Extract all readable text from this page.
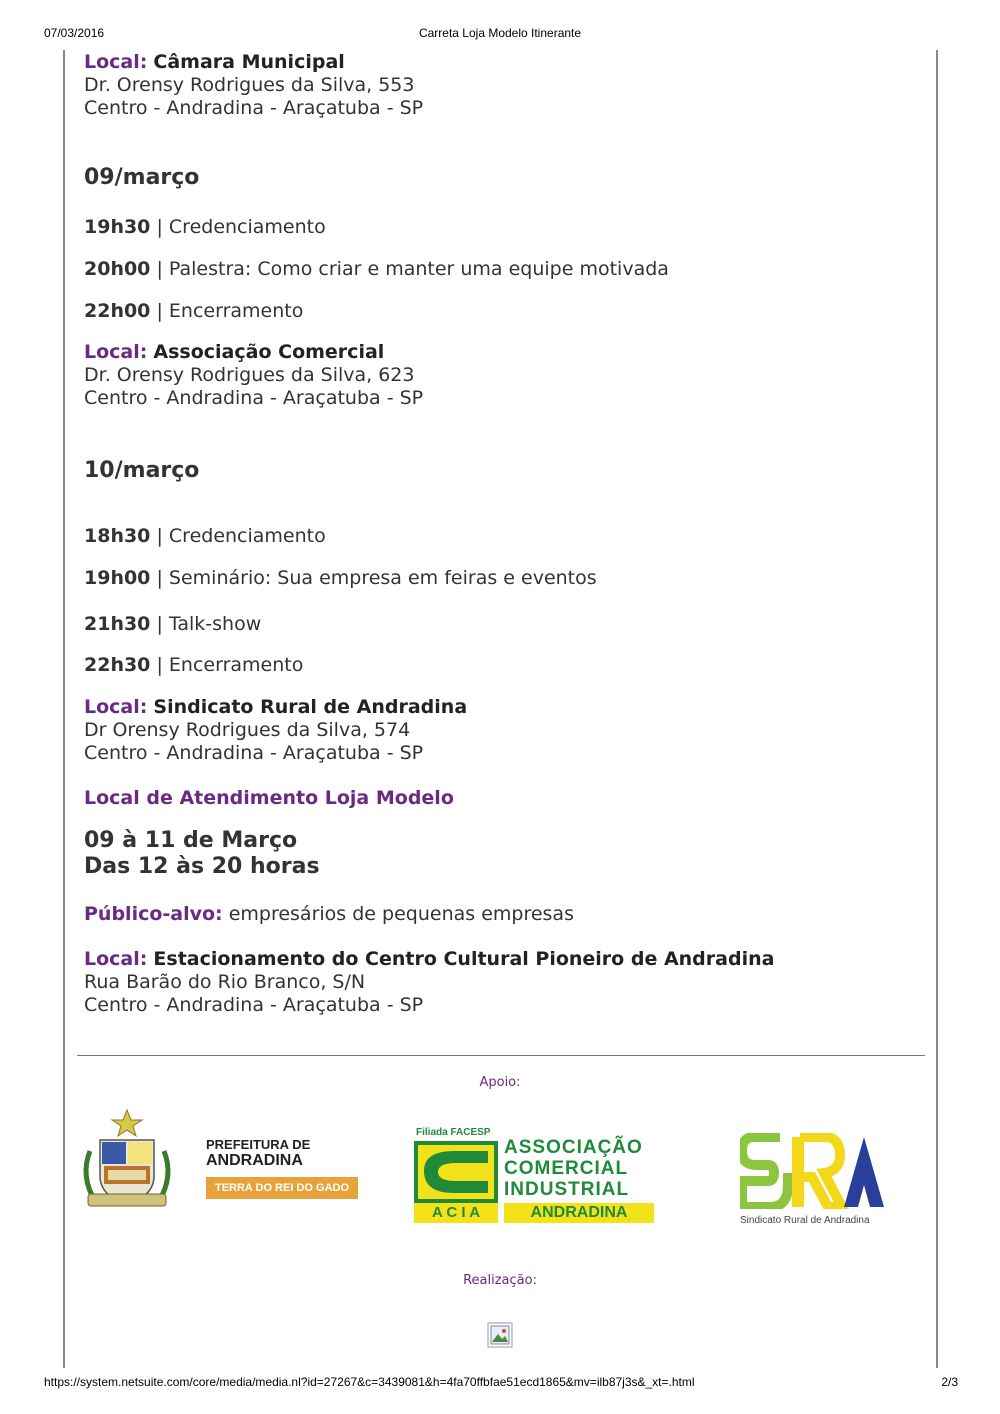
07/03/2016	Carreta Loja Modelo Itinerante
Local: Câmara Municipal
Dr. Orensy Rodrigues da Silva, 553
Centro - Andradina - Araçatuba - SP
09/março
19h30 | Credenciamento
20h00 | Palestra: Como criar e manter uma equipe motivada
22h00 | Encerramento
Local: Associação Comercial
Dr. Orensy Rodrigues da Silva, 623
Centro - Andradina - Araçatuba - SP
10/março
18h30 | Credenciamento
19h00 | Seminário: Sua empresa em feiras e eventos
21h30 | Talk-show
22h30 | Encerramento
Local: Sindicato Rural de Andradina
Dr Orensy Rodrigues da Silva, 574
Centro - Andradina - Araçatuba - SP
Local de Atendimento Loja Modelo
09 à 11 de Março
Das 12 às 20 horas
Público-alvo: empresários de pequenas empresas
Local: Estacionamento do Centro Cultural Pioneiro de Andradina
Rua Barão do Rio Branco, S/N
Centro - Andradina - Araçatuba - SP
Apoio:
PREFEITURA DE
ANDRADINA
TERRA DO REI DO GADO
Filiada FACESP
ASSOCIAÇÃO
COMERCIAL
INDUSTRIAL
A C I A	ANDRADINA	Sindicato Rural de Andradina
Realização:
https://system.netsuite.com/core/media/media.nl?id=27267&c=3439081&h=4fa70ffbfae51ecd1865&mv=ilb87j3s&_xt=.html	2/3
